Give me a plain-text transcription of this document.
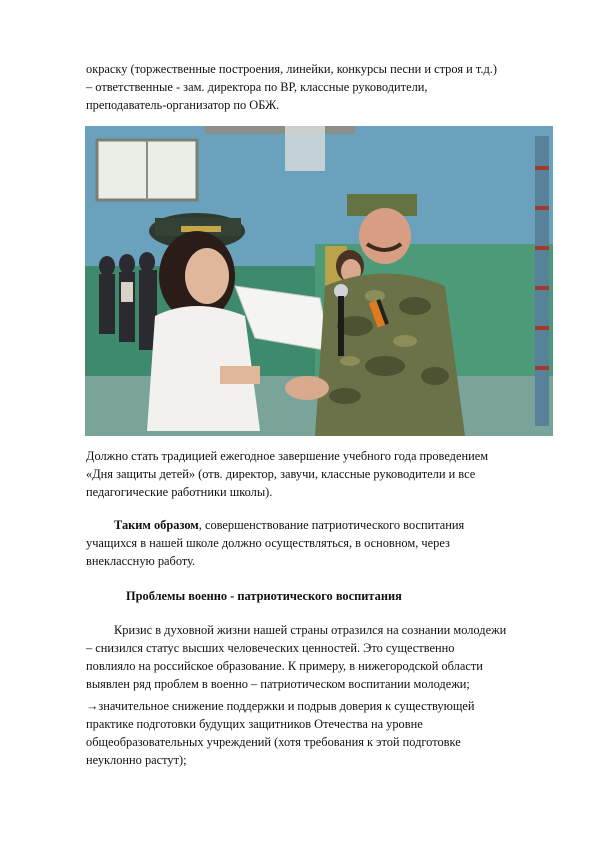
окраску (торжественные построения, линейки, конкурсы песни и строя и т.д.)
– ответственные - зам. директора по ВР, классные руководители,
преподаватель-организатор по ОБЖ.

Должно стать традицией ежегодное завершение учебного года проведением
«Дня защиты детей» (отв. директор, завучи, классные руководители и все
педагогические работники школы).

Таким образом, совершенствование патриотического воспитания
учащихся в нашей школе должно осуществляться, в основном, через
внеклассную работу.

Проблемы военно - патриотического воспитания

Кризис в духовной жизни нашей страны отразился на сознании молодежи
– снизился статус высших человеческих ценностей. Это существенно
повлияло на российское образование. К примеру, в нижегородской области
выявлен ряд проблем в военно – патриотическом воспитании молодежи;

→значительное снижение поддержки и подрыв доверия к существующей
практике подготовки будущих защитников Отечества на уровне
общеобразовательных учреждений (хотя требования к этой подготовке
неуклонно растут);
